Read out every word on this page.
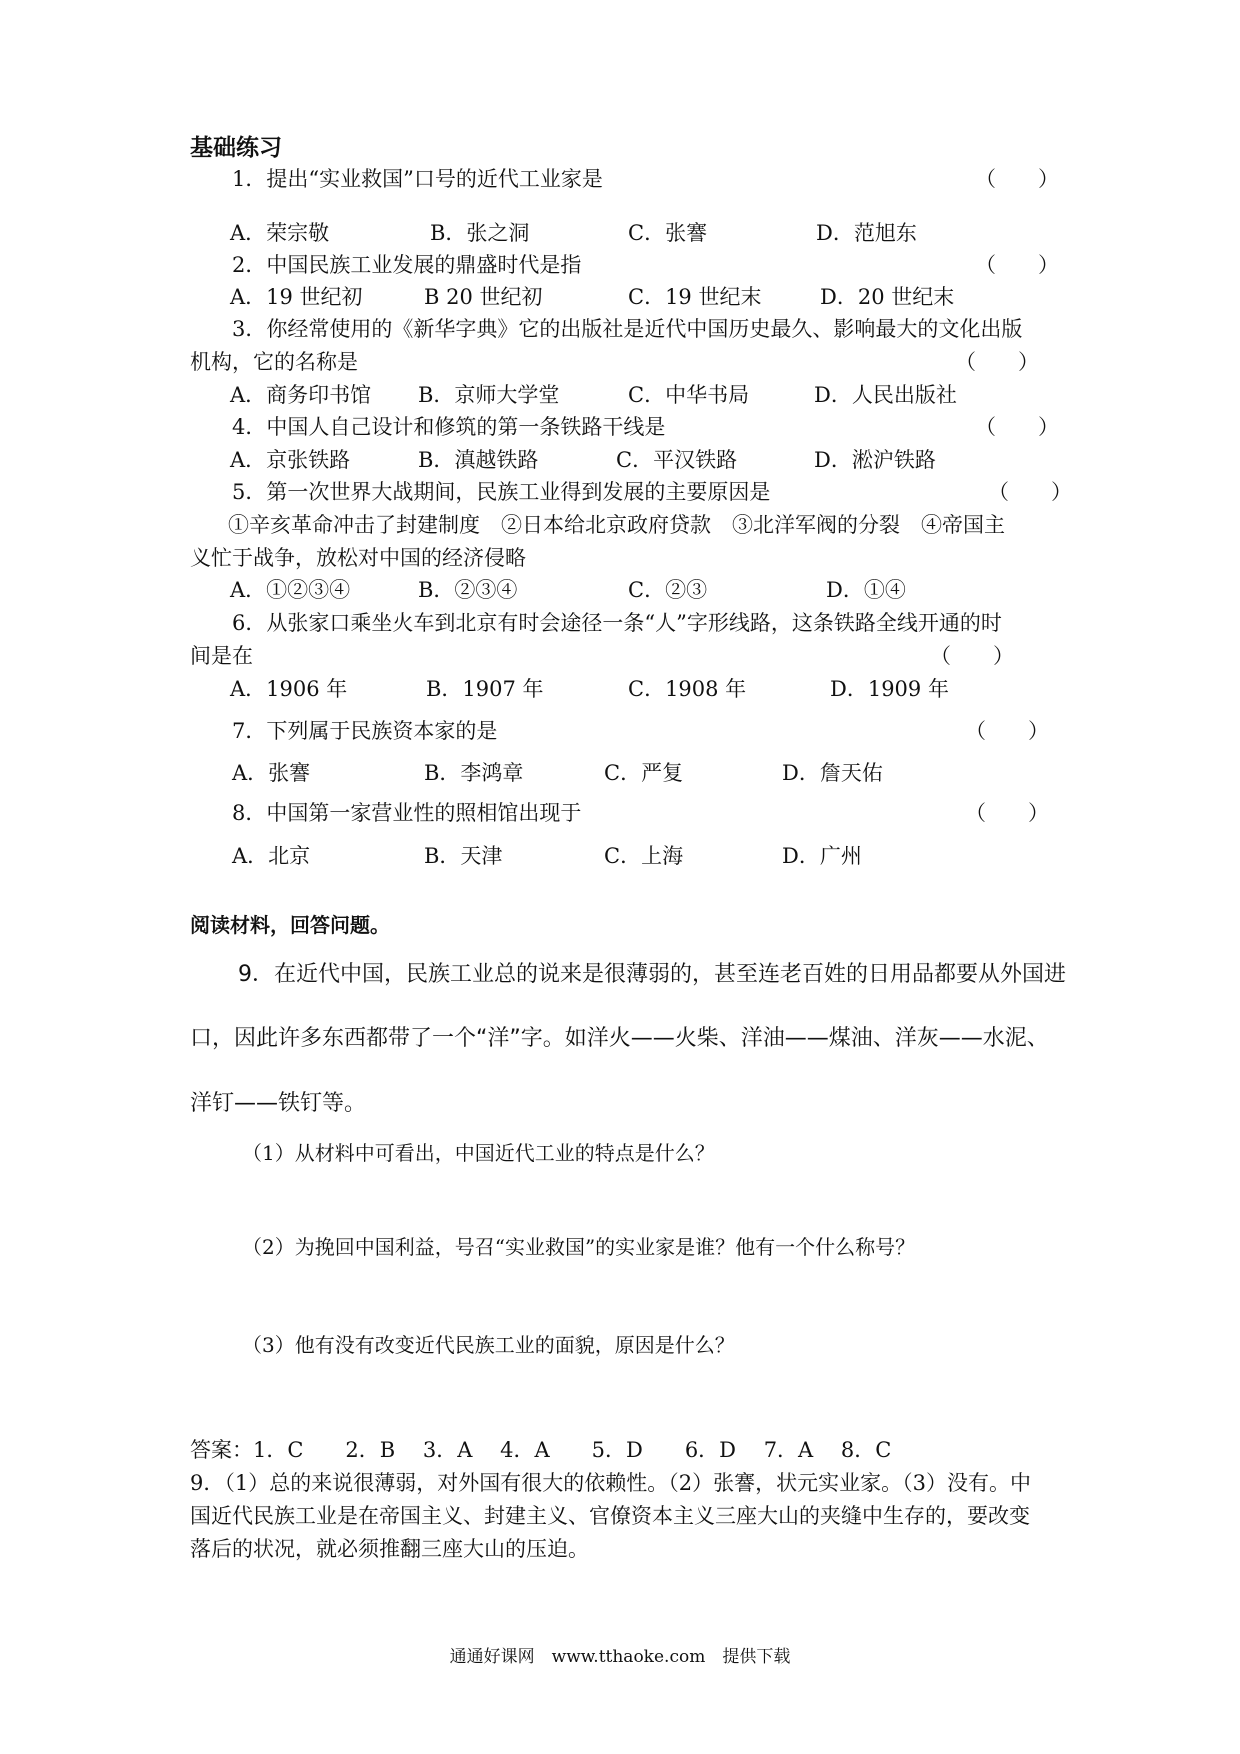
基础练习
1．提出“实业救国”口号的近代工业家是	（　　）
A．荣宗敬	B．张之洞	C．张謇	D．范旭东
2．中国民族工业发展的鼎盛时代是指	（　　）
A．19 世纪初	B 20 世纪初	C．19 世纪末	D．20 世纪末
3．你经常使用的《新华字典》它的出版社是近代中国历史最久、影响最大的文化出版
机构，它的名称是	（　　）
A．商务印书馆 B．京师大学堂	C．中华书局	D．人民出版社
4．中国人自己设计和修筑的第一条铁路干线是	（　　）
A．京张铁路	B．滇越铁路	C．平汉铁路	D．淞沪铁路
5．第一次世界大战期间，民族工业得到发展的主要原因是	（　　）
①辛亥革命冲击了封建制度　②日本给北京政府贷款　③北洋军阀的分裂　④帝国主
义忙于战争，放松对中国的经济侵略
A．①②③④	B．②③④	C．②③	D．①④
6．从张家口乘坐火车到北京有时会途径一条“人”字形线路，这条铁路全线开通的时
间是在	（　　）
A．1906 年	B．1907 年	C．1908 年	D．1909 年
7．下列属于民族资本家的是	（　　）
A．张謇	B．李鸿章	C．严复	D．詹天佑
8．中国第一家营业性的照相馆出现于	（　　）
A．北京	B．天津	C．上海	D．广州
阅读材料，回答问题。
9．在近代中国，民族工业总的说来是很薄弱的，甚至连老百姓的日用品都要从外国进
口，因此许多东西都带了一个“洋”字。如洋火——火柴、洋油——煤油、洋灰——水泥、
洋钉——铁钉等。
（1）从材料中可看出，中国近代工业的特点是什么？
（2）为挽回中国利益，号召“实业救国”的实业家是谁？他有一个什么称号？
（3）他有没有改变近代民族工业的面貌，原因是什么？
答案：1．C　　2．B　 3．A　 4．A　　5．D　　6．D　 7．A　 8．C
9．（1）总的来说很薄弱，对外国有很大的依赖性。（2）张謇，状元实业家。（3）没有。中
国近代民族工业是在帝国主义、封建主义、官僚资本主义三座大山的夹缝中生存的，要改变
落后的状况，就必须推翻三座大山的压迫。
通通好课网　www.tthaoke.com　提供下载
